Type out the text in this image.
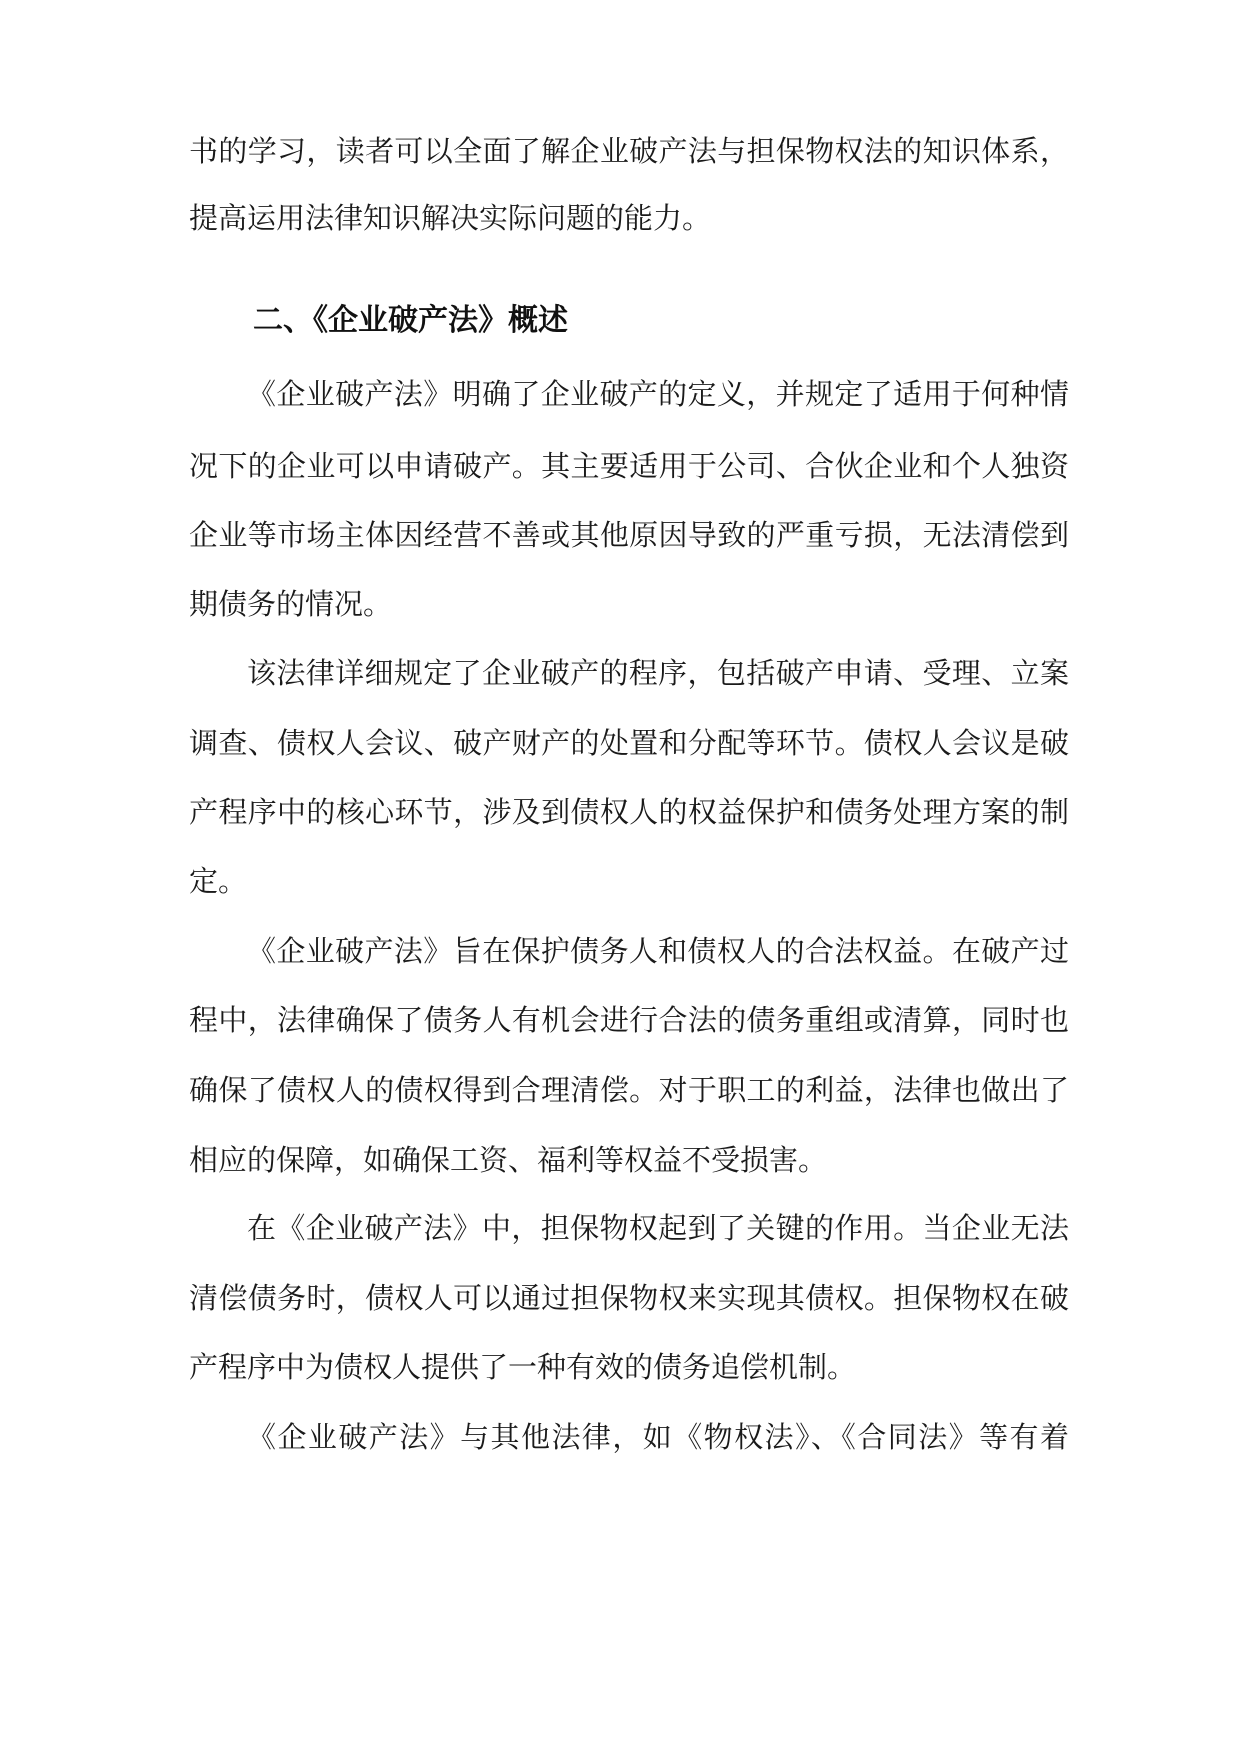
书的学习，读者可以全面了解企业破产法与担保物权法的知识体系，
提高运用法律知识解决实际问题的能力。
二、《企业破产法》概述
《企业破产法》明确了企业破产的定义，并规定了适用于何种情
况下的企业可以申请破产。其主要适用于公司、合伙企业和个人独资
企业等市场主体因经营不善或其他原因导致的严重亏损，无法清偿到
期债务的情况。
该法律详细规定了企业破产的程序，包括破产申请、受理、立案
调查、债权人会议、破产财产的处置和分配等环节。债权人会议是破
产程序中的核心环节，涉及到债权人的权益保护和债务处理方案的制
定。
《企业破产法》旨在保护债务人和债权人的合法权益。在破产过
程中，法律确保了债务人有机会进行合法的债务重组或清算，同时也
确保了债权人的债权得到合理清偿。对于职工的利益，法律也做出了
相应的保障，如确保工资、福利等权益不受损害。
在《企业破产法》中，担保物权起到了关键的作用。当企业无法
清偿债务时，债权人可以通过担保物权来实现其债权。担保物权在破
产程序中为债权人提供了一种有效的债务追偿机制。
《企业破产法》与其他法律，如《物权法》、《合同法》等有着
